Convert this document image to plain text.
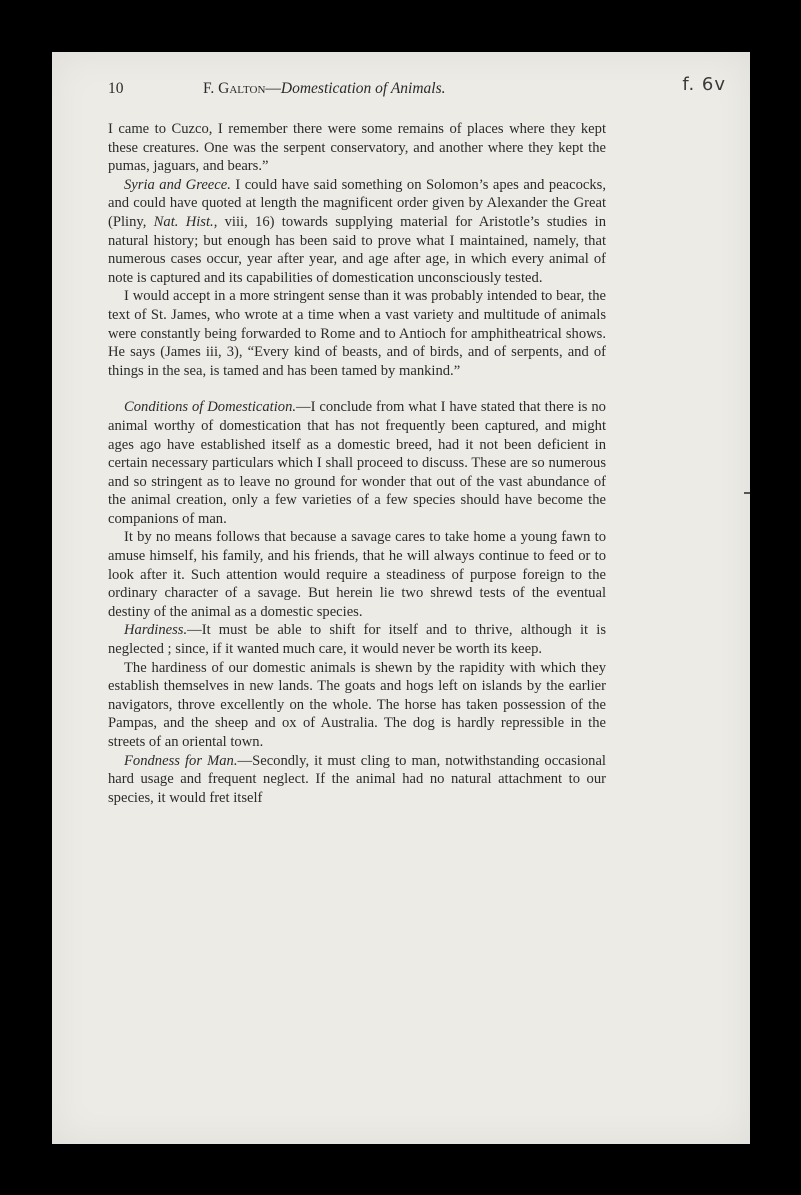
f. 6v
10	F. Galton—Domestication of Animals.

I came to Cuzco, I remember there were some remains of places where they kept these creatures. One was the serpent conservatory, and another where they kept the pumas, jaguars, and bears.”

Syria and Greece. I could have said something on Solomon’s apes and peacocks, and could have quoted at length the magnificent order given by Alexander the Great (Pliny, Nat. Hist., viii, 16) towards supplying material for Aristotle’s studies in natural history; but enough has been said to prove what I maintained, namely, that numerous cases occur, year after year, and age after age, in which every animal of note is captured and its capabilities of domestication unconsciously tested.

I would accept in a more stringent sense than it was probably intended to bear, the text of St. James, who wrote at a time when a vast variety and multitude of animals were constantly being forwarded to Rome and to Antioch for amphitheatrical shows. He says (James iii, 3), “Every kind of beasts, and of birds, and of serpents, and of things in the sea, is tamed and has been tamed by mankind.”

Conditions of Domestication.—I conclude from what I have stated that there is no animal worthy of domestication that has not frequently been captured, and might ages ago have established itself as a domestic breed, had it not been deficient in certain necessary particulars which I shall proceed to discuss. These are so numerous and so stringent as to leave no ground for wonder that out of the vast abundance of the animal creation, only a few varieties of a few species should have become the companions of man.

It by no means follows that because a savage cares to take home a young fawn to amuse himself, his family, and his friends, that he will always continue to feed or to look after it. Such attention would require a steadiness of purpose foreign to the ordinary character of a savage. But herein lie two shrewd tests of the eventual destiny of the animal as a domestic species.

Hardiness.—It must be able to shift for itself and to thrive, although it is neglected ; since, if it wanted much care, it would never be worth its keep.

The hardiness of our domestic animals is shewn by the rapidity with which they establish themselves in new lands. The goats and hogs left on islands by the earlier navigators, throve excellently on the whole. The horse has taken possession of the Pampas, and the sheep and ox of Australia. The dog is hardly repressible in the streets of an oriental town.

Fondness for Man.—Secondly, it must cling to man, notwithstanding occasional hard usage and frequent neglect. If the animal had no natural attachment to our species, it would fret itself
